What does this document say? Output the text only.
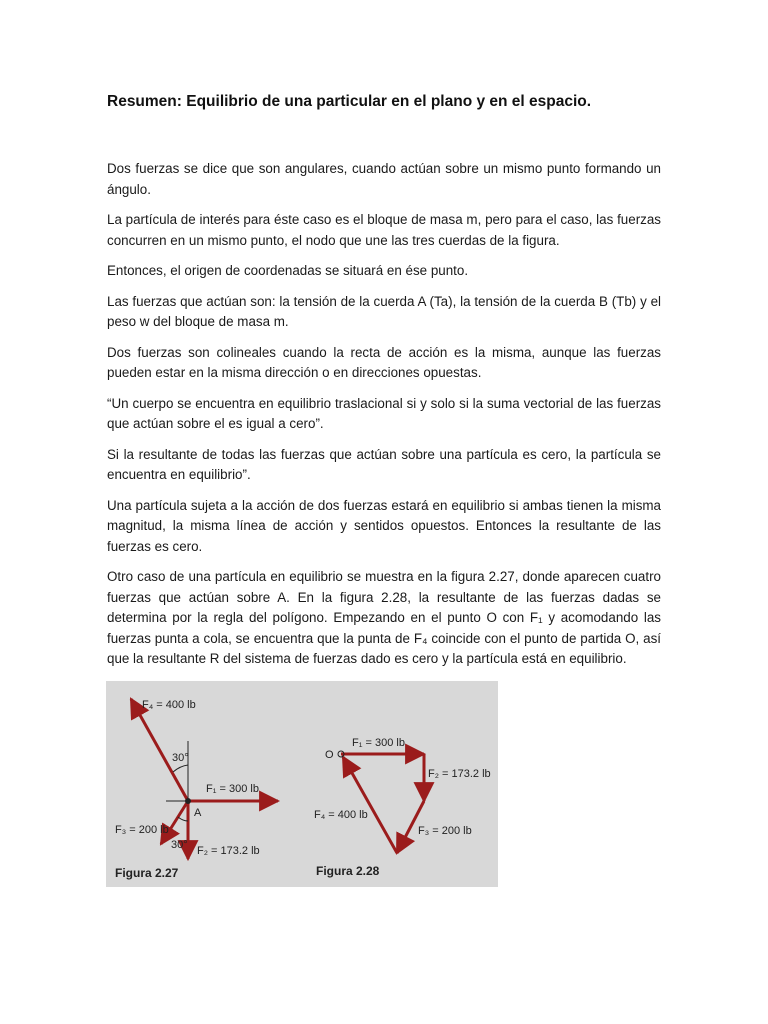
Resumen: Equilibrio de una particular en el plano y en el espacio.

Dos fuerzas se dice que son angulares, cuando actúan sobre un mismo punto formando un ángulo.

La partícula de interés para éste caso es el bloque de masa m, pero para el caso, las fuerzas concurren en un mismo punto, el nodo que une las tres cuerdas de la figura.

Entonces, el origen de coordenadas se situará en ése punto.

Las fuerzas que actúan son: la tensión de la cuerda A (Ta), la tensión de la cuerda B (Tb) y el peso w del bloque de masa m.

Dos fuerzas son colineales cuando la recta de acción es la misma, aunque las fuerzas pueden estar en la misma dirección o en direcciones opuestas.

“Un cuerpo se encuentra en equilibrio traslacional si y solo si la suma vectorial de las fuerzas que actúan sobre el es igual a cero”.

Si la resultante de todas las fuerzas que actúan sobre una partícula es cero, la partícula se encuentra en equilibrio”.

Una partícula sujeta a la acción de dos fuerzas estará en equilibrio si ambas tienen la misma magnitud, la misma línea de acción y sentidos opuestos. Entonces la resultante de las fuerzas es cero.

Otro caso de una partícula en equilibrio se muestra en la figura 2.27, donde aparecen cuatro fuerzas que actúan sobre A. En la figura 2.28, la resultante de las fuerzas dadas se determina por la regla del polígono. Empezando en el punto O con F₁ y acomodando las fuerzas punta a cola, se encuentra que la punta de F₄ coincide con el punto de partida O, así que la resultante R del sistema de fuerzas dado es cero y la partícula está en equilibrio.

F₄ = 400 lb
30°
F₁ = 300 lb
A
F₃ = 200 lb
30° F₂ = 173.2 lb
Figura 2.27
O
F₁ = 300 lb
F₂ = 173.2 lb
F₄ = 400 lb
F₃ = 200 lb
Figura 2.28
